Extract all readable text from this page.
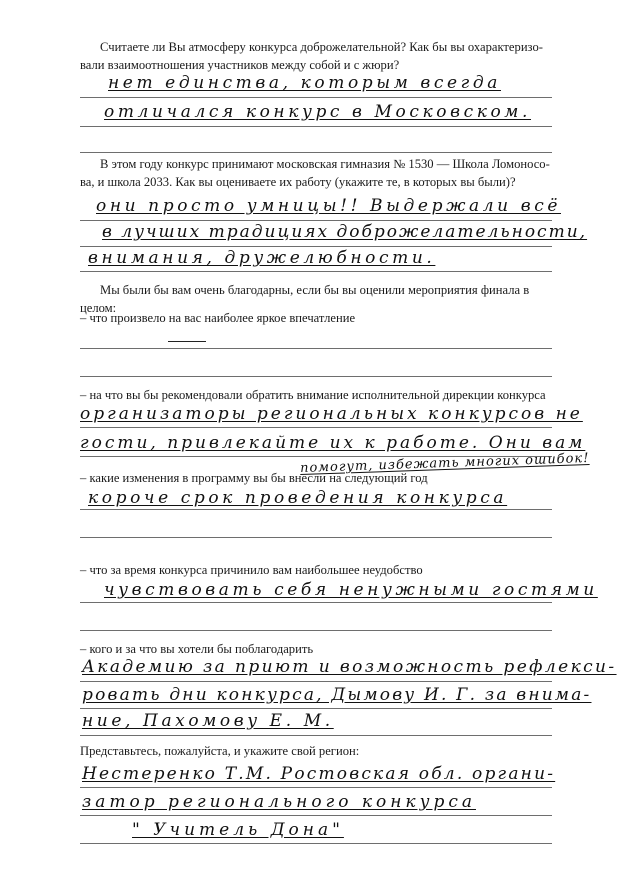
Считаете ли Вы атмосферу конкурса доброжелательной? Как бы вы охарактеризо-
вали взаимоотношения участников между собой и с жюри?
нет единства, которым всегда
отличался конкурс в Московском.
В этом году конкурс принимают московская гимназия № 1530 — Школа Ломоносо-
ва, и школа 2033. Как вы оцениваете их работу (укажите те, в которых вы были)?
они просто умницы!! Выдержали всё
в лучших традициях доброжелательности,
внимания, дружелюбности.
Мы были бы вам очень благодарны, если бы вы оценили мероприятия финала в целом:
– что произвело на вас наиболее яркое впечатление
– на что вы бы рекомендовали обратить внимание исполнительной дирекции конкурса
организаторы региональных конкурсов не
гости, привлекайте их к работе. Они вам
помогут, избежать многих ошибок!
– какие изменения в программу вы бы внесли на следующий год
короче срок проведения конкурса
– что за время конкурса причинило вам наибольшее неудобство
чувствовать себя ненужными гостями
– кого и за что вы хотели бы поблагодарить
Академию за приют и возможность рефлекси-
ровать дни конкурса, Дымову И. Г. за внима-
ние, Пахомову Е. М.
Представьтесь, пожалуйста, и укажите свой регион:
Нестеренко Т.М. Ростовская обл. органи-
затор регионального конкурса
" Учитель Дона"
